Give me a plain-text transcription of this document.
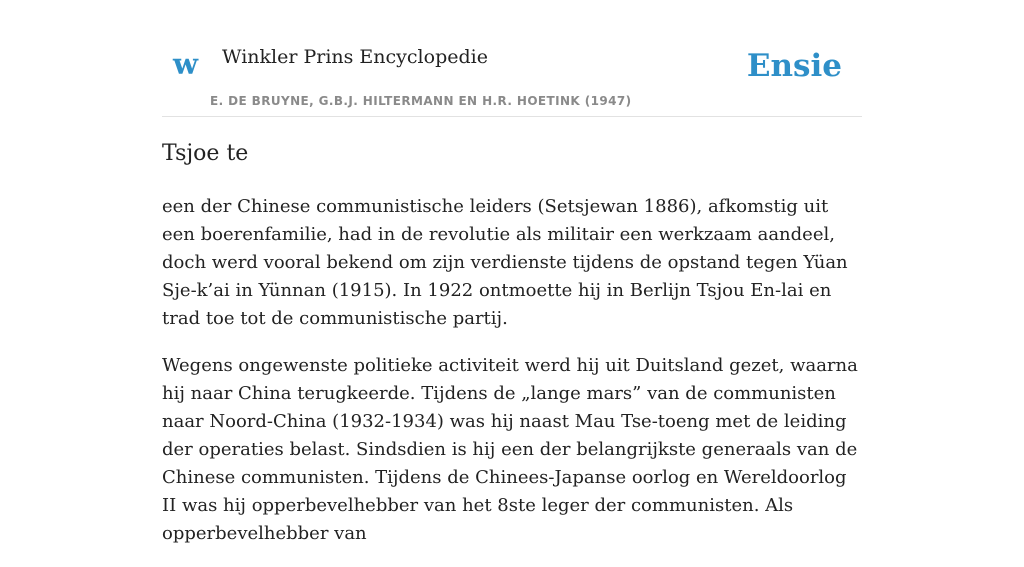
w Winkler Prins Encyclopedie
E. DE BRUYNE, G.B.J. HILTERMANN EN H.R. HOETINK (1947)
Ensie
Tsjoe te

een der Chinese communistische leiders (Setsjewan 1886), afkomstig uit een boerenfamilie, had in de revolutie als militair een werkzaam aandeel, doch werd vooral bekend om zijn verdienste tijdens de opstand tegen Yüan Sje-k’ai in Yünnan (1915). In 1922 ontmoette hij in Berlijn Tsjou En-lai en trad toe tot de communistische partij.

Wegens ongewenste politieke activiteit werd hij uit Duitsland gezet, waarna hij naar China terugkeerde. Tijdens de „lange mars” van de communisten naar Noord-China (1932-1934) was hij naast Mau Tse-toeng met de leiding der operaties belast. Sindsdien is hij een der belangrijkste generaals van de Chinese communisten. Tijdens de Chinees-Japanse oorlog en Wereldoorlog II was hij opperbevelhebber van het 8ste leger der communisten. Als opperbevelhebber van
